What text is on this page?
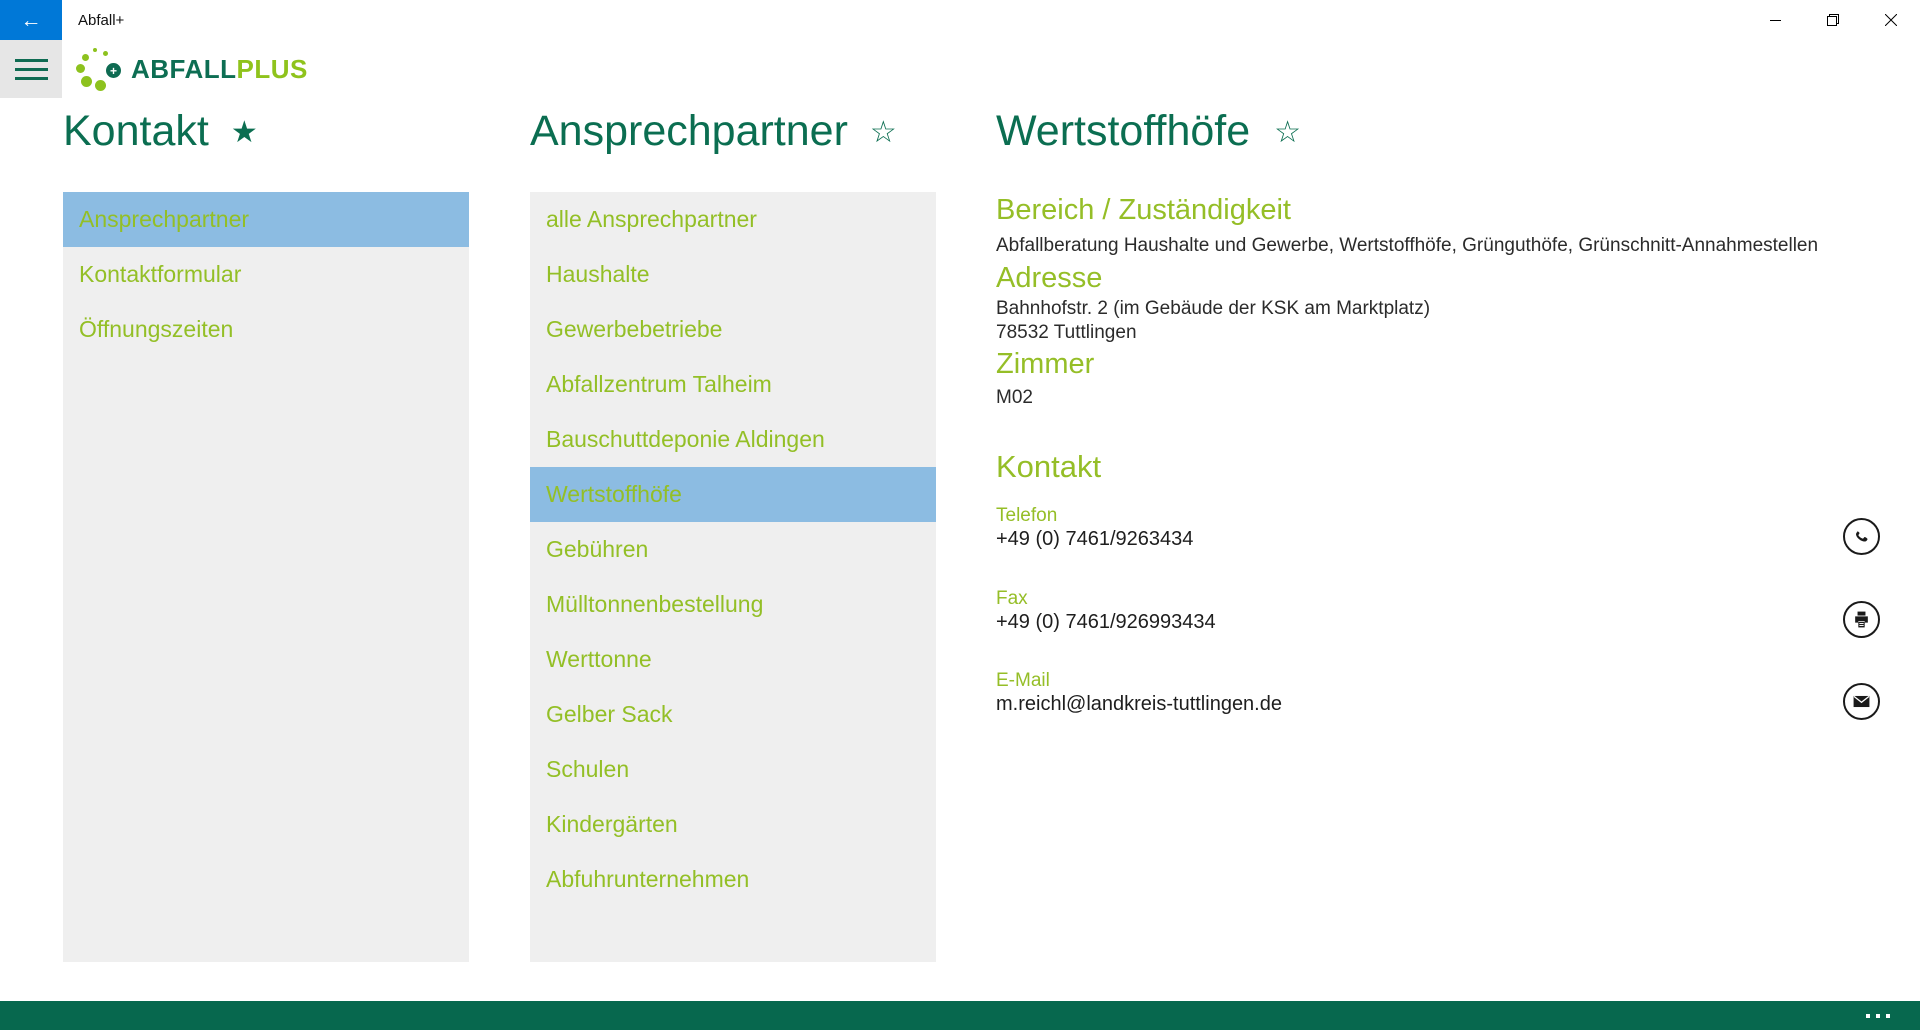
← Abfall+
+ ABFALLPLUS
Kontakt ★
Ansprechpartner
Kontaktformular
Öffnungszeiten
Ansprechpartner ☆
alle Ansprechpartner
Haushalte
Gewerbebetriebe
Abfallzentrum Talheim
Bauschuttdeponie Aldingen
Wertstoffhöfe
Gebühren
Mülltonnenbestellung
Werttonne
Gelber Sack
Schulen
Kindergärten
Abfuhrunternehmen
Wertstoffhöfe ☆
Bereich / Zuständigkeit
Abfallberatung Haushalte und Gewerbe, Wertstoffhöfe, Grünguthöfe, Grünschnitt-Annahmestellen
Adresse
Bahnhofstr. 2 (im Gebäude der KSK am Marktplatz)
78532 Tuttlingen
Zimmer
M02
Kontakt
Telefon
+49 (0) 7461/9263434
Fax
+49 (0) 7461/926993434
E-Mail
m.reichl@landkreis-tuttlingen.de
